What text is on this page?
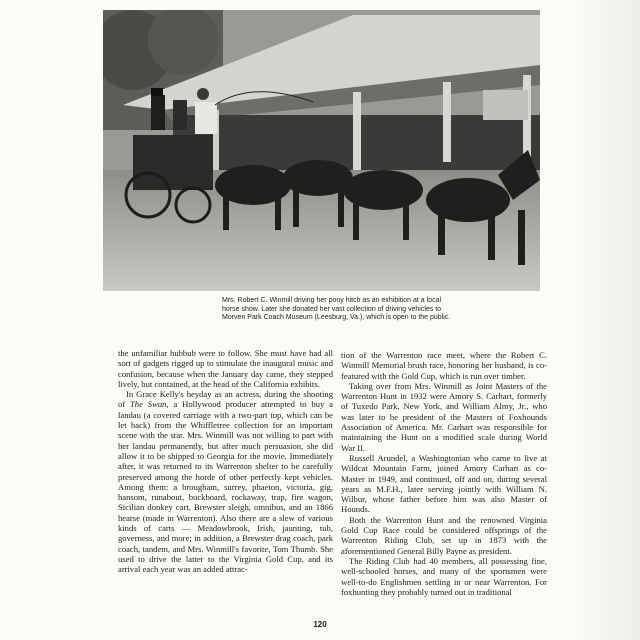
Mrs. Robert C. Winmill driving her pony hitch as an exhibition at a local horse show. Later she donated her vast collection of driving vehicles to Morven Park Coach Museum (Leesburg, Va.), which is open to the public.

the unfamiliar hubbub were to follow. She must have had all sort of gadgets rigged up to stimulate the inaugural music and confusion, because when the January day came, they stepped lively, but contained, at the head of the California exhibits.

In Grace Kelly's heyday as an actress, during the shooting of The Swan, a Hollywood producer attempted to buy a landau (a covered carriage with a two-part top, which can be let back) from the Whiffletree collection for an important scene with the star. Mrs. Winmill was not willing to part with her landau permanently, but after much persuasion, she did allow it to be shipped to Georgia for the movie. Immediately after, it was returned to its Warrenton shelter to be carefully preserved among the horde of other perfectly kept vehicles. Among them: a brougham, surrey, phaeton, victoria, gig, hansom, runabout, buckboard, rockaway, trap, fire wagon, Sicilian donkey cart, Brewster sleigh, omnibus, and an 1866 hearse (made in Warrenton). Also there are a slew of various kinds of carts — Meadowbrook, Irish, jaunting, tub, governess, and more; in addition, a Brewster drag coach, park coach, tandem, and Mrs. Winmill's favorite, Tom Thumb. She used to drive the latter to the Virginia Gold Cup, and its arrival each year was an added attrac-

tion of the Warrenton race meet, where the Robert C. Winmill Memorial brush race, honoring her husband, is co-featured with the Gold Cup, which is run over timber.

Taking over from Mrs. Winmill as Joint Masters of the Warrenton Hunt in 1932 were Amory S. Carhart, formerly of Tuxedo Park, New York, and William Almy, Jr., who was later to be president of the Masters of Foxhounds Association of America. Mr. Carhart was responsible for maintaining the Hunt on a modified scale during World War II.

Russell Arundel, a Washingtonian who came to live at Wildcat Mountain Farm, joined Amory Carhart as co-Master in 1949, and continued, off and on, during several years as M.F.H., later serving jointly with William N. Wilbur, whose father before him was also Master of Hounds.

Both the Warrenton Hunt and the renowned Virginia Gold Cup Race could be considered offsprings of the Warrenton Riding Club, set up in 1873 with the aforementioned General Billy Payne as president.

The Riding Club had 40 members, all possessing fine, well-schooled horses, and many of the sportsmen were well-to-do Englishmen settling in or near Warrenton. For foxhunting they probably turned out in traditional

120
